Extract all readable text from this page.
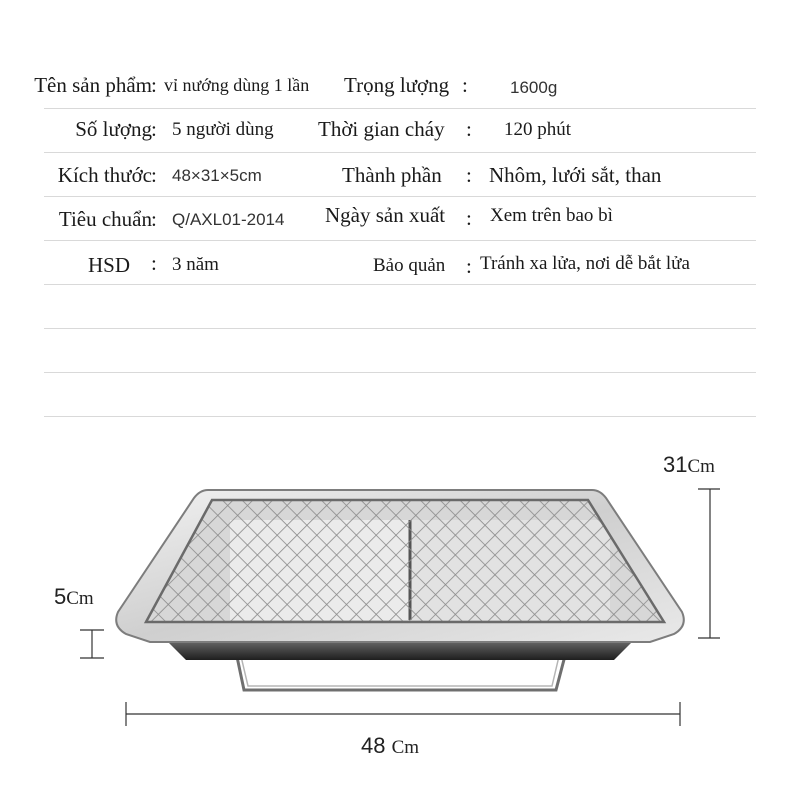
Tên sản phẩm : vỉ nướng dùng 1 lần Trọng lượng : 1600g
Số lượng : 5 người dùng Thời gian cháy : 120 phút
Kích thước : 48×31×5cm	Thành phần : Nhôm, lưới sắt, than
Tiêu chuẩn : Q/AXL01-2014 Ngày sản xuất : Xem trên bao bì
HSD : 3 năm	Bảo quản : Tránh xa lửa, nơi dễ bắt lửa
31Cm
5Cm
48 Cm
